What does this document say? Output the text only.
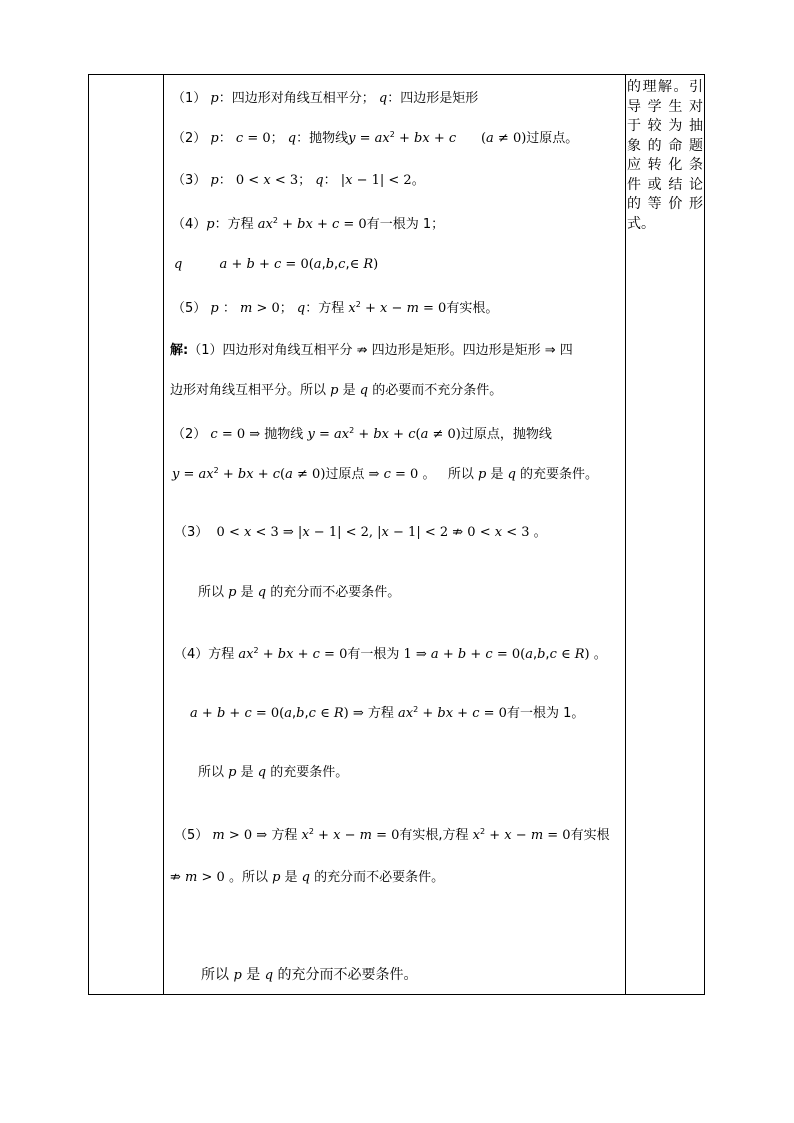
（1） p：四边形对角线互相平分； q：四边形是矩形
（2） p： c = 0； q：抛物线$y = ax^2$ + bx + c (a ≠ 0)过原点。
（3） p： 0 < x < 3； q： |x − 1| < 2。
（4）p：方程 $ax^2$ + bx + c = 0有一根为 1；
q	a + b + c = 0(a,b,c,∈ R)
（5） p ： m > 0； q：方程 $x^2 + x - m = 0$有实根。
解:（1）四边形对角线互相平分 ⇏ 四边形是矩形。四边形是矩形 ⇒ 四
边形对角线互相平分。所以 p 是 q 的必要而不充分条件。
（2） c = 0 ⇒ 抛物线 $y = ax^2$ + bx + c(a ≠ 0)过原点，抛物线
$y = ax^2$ + bx + c(a ≠ 0)过原点 ⇒ c = 0 。   所以 p 是 q 的充要条件。
（3） 0 < x < 3 ⇒ |x − 1| < 2, |x − 1| < 2 ⇏ 0 < x < 3 。
所以 p 是 q 的充分而不必要条件。
（4）方程 $ax^2$ + bx + c = 0有一根为 1 ⇒ a + b + c = 0(a,b,c ∈ R) 。
a + b + c = 0(a,b,c ∈ R) ⇒ 方程 $ax^2$ + bx + c = 0有一根为 1。
所以 p 是 q 的充要条件。
（5） m > 0 ⇒ 方程 $x^2 + x - m = 0$有实根,方程 $x^2 + x - m = 0$有实根
⇏ m > 0 。所以 p 是 q 的充分而不必要条件。
所以 p 是 q 的充分而不必要条件。
的理解。引
导学生对
于较为抽
象的命题
应转化条
件或结论
的等价形
式。
